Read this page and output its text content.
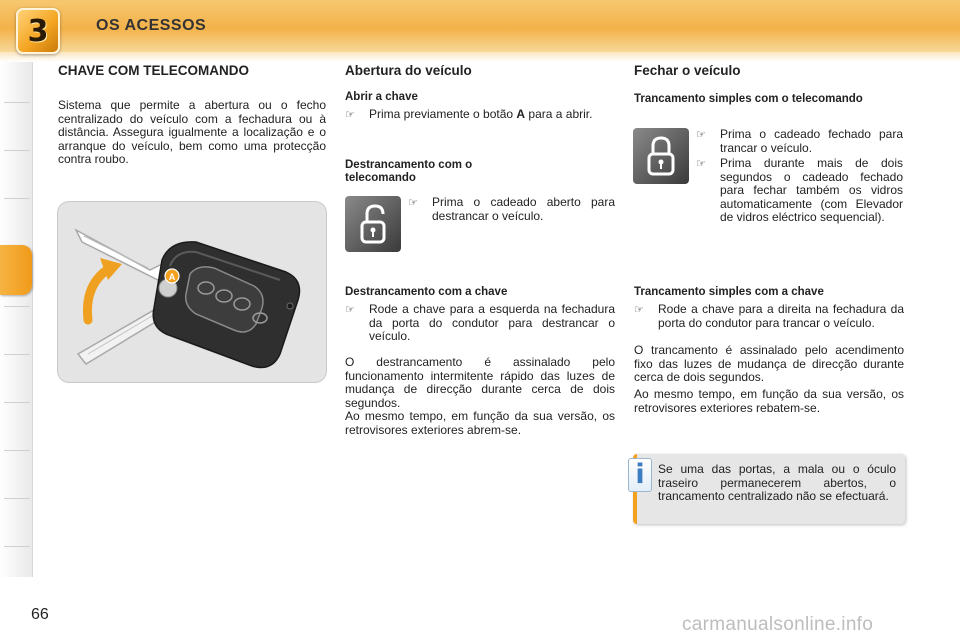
3	OS ACESSOS
CHAVE COM TELECOMANDO
Sistema que permite a abertura ou o fecho centralizado do veículo com a fechadura ou à distância. Assegura igualmente a localização e o arranque do veículo, bem como uma protecção contra roubo.
A
Abertura do veículo
Abrir a chave
☞ Prima previamente o botão A para a abrir.
Destrancamento com o telecomando
☞ Prima o cadeado aberto para destrancar o veículo.
Destrancamento com a chave
☞ Rode a chave para a esquerda na fechadura da porta do condutor para destrancar o veículo.
O destrancamento é assinalado pelo funcionamento intermitente rápido das luzes de mudança de direcção durante cerca de dois segundos.
Ao mesmo tempo, em função da sua versão, os retrovisores exteriores abrem-se.
Fechar o veículo
Trancamento simples com o telecomando
☞ Prima o cadeado fechado para trancar o veículo.
☞ Prima durante mais de dois segundos o cadeado fechado para fechar também os vidros automaticamente (com Elevador de vidros eléctrico sequencial).
Trancamento simples com a chave
☞ Rode a chave para a direita na fechadura da porta do condutor para trancar o veículo.
O trancamento é assinalado pelo acendimento fixo das luzes de mudança de direcção durante cerca de dois segundos.
Ao mesmo tempo, em função da sua versão, os retrovisores exteriores rebatem-se.
i	Se uma das portas, a mala ou o óculo traseiro permanecerem abertos, o trancamento centralizado não se efectuará.
66	carmanualsonline.info
